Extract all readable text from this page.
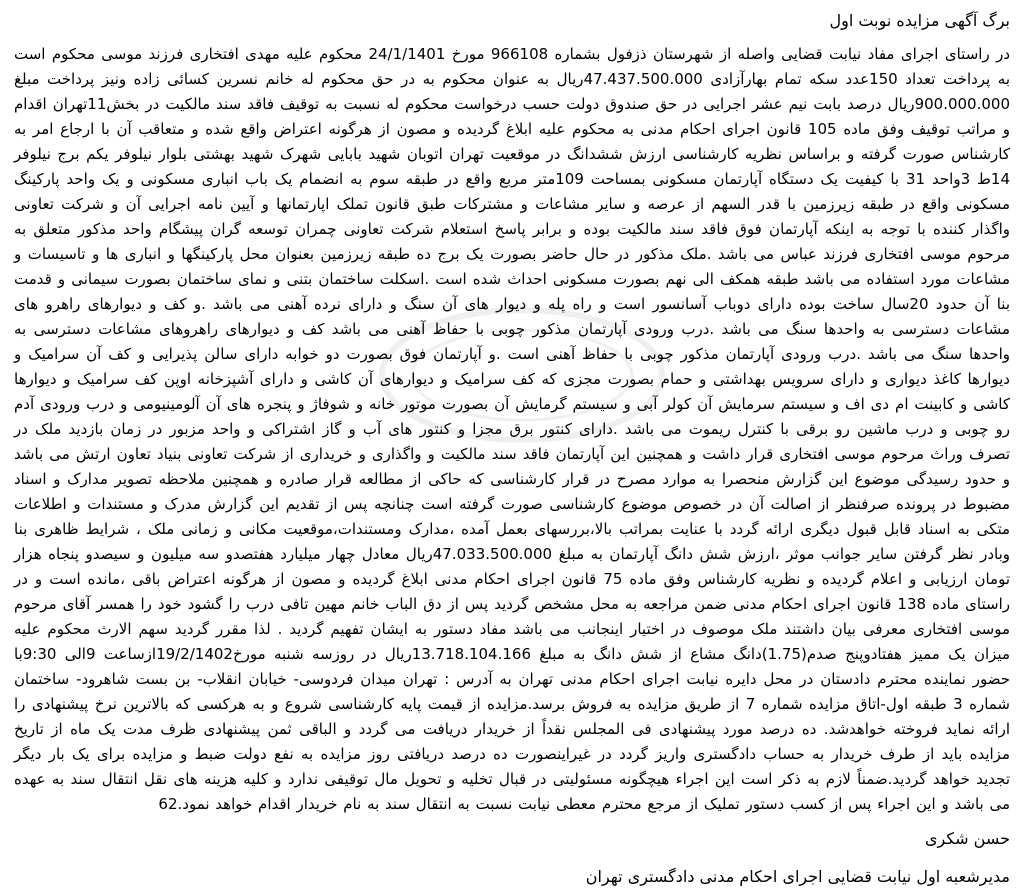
برگ آگهی مزایده نوبت اول

در راستای اجرای مفاد نیابت قضایی واصله از شهرستان ذزفول بشماره 966108 مورخ 24/1/1401 محکوم علیه مهدی افتخاری فرزند موسی محکوم است به پرداخت تعداد 150عدد سکه تمام بهارآزادی 47.437.500.000ریال به عنوان محکوم به در حق محکوم له خانم نسرین کسائی زاده ونیز پرداخت مبلغ 900.000.000ریال درصد بابت نیم عشر اجرایی در حق صندوق دولت حسب درخواست محکوم له نسبت به توقیف فاقد سند مالکیت در بخش11تهران اقدام و مراتب توقیف وفق ماده 105 قانون اجرای احکام مدنی به محکوم علیه ابلاغ گردیده و مصون از هرگونه اعتراض واقع شده و متعاقب آن با ارجاع امر به کارشناس صورت گرفته و براساس نظریه کارشناسی ارزش ششدانگ در موقعیت تهران اتوبان شهید بابایی شهرک شهید بهشتی بلوار نیلوفر یکم برج نیلوفر 14ط 3واحد 31 با کیفیت یک دستگاه آپارتمان مسکونی بمساحت 109متر مربع واقع در طبقه سوم به انضمام یک باب انباری مسکونی و یک واحد پارکینگ مسکونی واقع در طبقه زیرزمین با قدر السهم از عرصه و سایر مشاعات و مشترکات طبق قانون تملک اپارتمانها و آیین نامه اجرایی آن و شرکت تعاونی واگذار کننده با توجه به اینکه آپارتمان فوق فاقد سند مالکیت بوده و برابر پاسخ استعلام شرکت تعاونی چمران توسعه گران پیشگام واحد مذکور متعلق به مرحوم موسی افتخاری فرزند عباس می باشد .ملک مذکور در حال حاضر بصورت یک برج ده طبقه زیرزمین بعنوان محل پارکینگها و انباری ها و تاسیسات و مشاعات مورد استفاده می باشد طبقه همکف الی نهم بصورت مسکونی احداث شده است .اسکلت ساختمان بتنی و نمای ساختمان بصورت سیمانی و قدمت بنا آن حدود 20سال ساخت بوده دارای دوباب آسانسور است و راه پله و دیوار های آن سنگ و دارای نرده آهنی می باشد .و کف و دیوارهای راهرو های مشاعات دسترسی به واحدها سنگ می باشد .درب ورودی آپارتمان مذکور چوبی با حفاظ آهنی می باشد کف و دیوارهای راهروهای مشاعات دسترسی به واحدها سنگ می باشد .درب ورودی آپارتمان مذکور چوبی با حفاظ آهنی است .و آپارتمان فوق بصورت دو خوابه دارای سالن پذیرایی و کف آن سرامیک و دیوارها کاغذ دیواری و دارای سرویس بهداشتی و حمام بصورت مجزی که کف سرامیک و دیوارهای آن کاشی و دارای آشپزخانه اوپن کف سرامیک و دیوارها کاشی و کابینت ام دی اف و سیستم سرمایش آن کولر آبی و سیستم گرمایش آن بصورت موتور خانه و شوفاژ و پنجره های آن آلومینیومی و درب ورودی آدم رو چوبی و درب ماشین رو برقی با کنترل ریموت می باشد .دارای کنتور برق مجزا و کنتور های آب و گاز اشتراکی و واحد مزبور در زمان بازدید ملک در تصرف وراث مرحوم موسی افتخاری قرار داشت و همچنین این آپارتمان فاقد سند مالکیت و واگذاری و خریداری از شرکت تعاونی بنیاد تعاون ارتش می باشد و حدود رسیدگی موضوع این گزارش منحصرا به موارد مصرح در قرار کارشناسی که حاکی از مطالعه قرار صادره و همچنین ملاحظه تصویر مدارک و اسناد مضبوط در پرونده صرفنظر از اصالت آن در خصوص موضوع کارشناسی صورت گرفته است چنانچه پس از تقدیم این گزارش مدرک و مستندات و اطلاعات متکی به اسناد قابل قبول دیگری ارائه گردد با عنایت بمراتب بالا،بررسهای بعمل آمده ،مدارک ومستندات،موقعیت مکانی و زمانی ملک ، شرایط ظاهری بنا وبادر نظر گرفتن سایر جوانب موثر ،ارزش شش دانگ آپارتمان به مبلغ 47.033.500.000ریال معادل چهار میلیارد هفتصدو سه میلیون و سیصدو پنجاه هزار تومان ارزیابی و اعلام گردیده و نظریه کارشناس وفق ماده 75 قانون اجرای احکام مدنی ابلاغ گردیده و مصون از هرگونه اعتراض باقی ،مانده است و در راستای ماده 138 قانون اجرای احکام مدنی ضمن مراجعه به محل مشخص گردید پس از دق الباب خانم مهین تافی درب را گشود خود را همسر آقای مرحوم موسی افتخاری معرفی بیان داشتند ملک موصوف در اختیار اینجانب می باشد مفاد دستور به ایشان تفهیم گردید . لذا مقرر گردید سهم الارث محکوم علیه میزان یک ممیز هفتادوپنج صدم(1.75)دانگ مشاع از شش دانگ به مبلغ 13.718.104.166ریال در روزسه شنبه مورخ19/2/1402ازساعت 9الی 9:30با حضور نماینده محترم دادستان در محل دایره نیابت اجرای احکام مدنی تهران به آدرس : تهران میدان فردوسی- خیابان انقلاب- بن بست شاهرود- ساختمان شماره 3 طبقه اول-اتاق مزایده شماره 7 از طریق مزایده به فروش برسد.مزایده از قیمت پایه کارشناسی شروع و به هرکسی که بالاترین نرخ پیشنهادی را ارائه نماید فروخته خواهدشد. ده درصد مورد پیشنهادی فی المجلس نقداً از خریدار دریافت می گردد و الباقی ثمن پیشنهادی ظرف مدت یک ماه از تاریخ مزایده باید از طرف خریدار به حساب دادگستری واریز گردد در غیراینصورت ده درصد دریافتی روز مزایده به نفع دولت ضبط و مزایده برای یک بار دیگر تجدید خواهد گردید.ضمناً لازم به ذکر است این اجراء هیچگونه مسئولیتی در قبال تخلیه و تحویل مال توقیفی ندارد و کلیه هزینه های نقل انتقال سند به عهده می باشد و این اجراء پس از کسب دستور تملیک از مرجع محترم معطی نیابت نسبت به انتقال سند به نام خریدار اقدام خواهد نمود.62

حسن شکری
مدیرشعبه اول نیابت قضایی اجرای احکام مدنی دادگستری تهران
